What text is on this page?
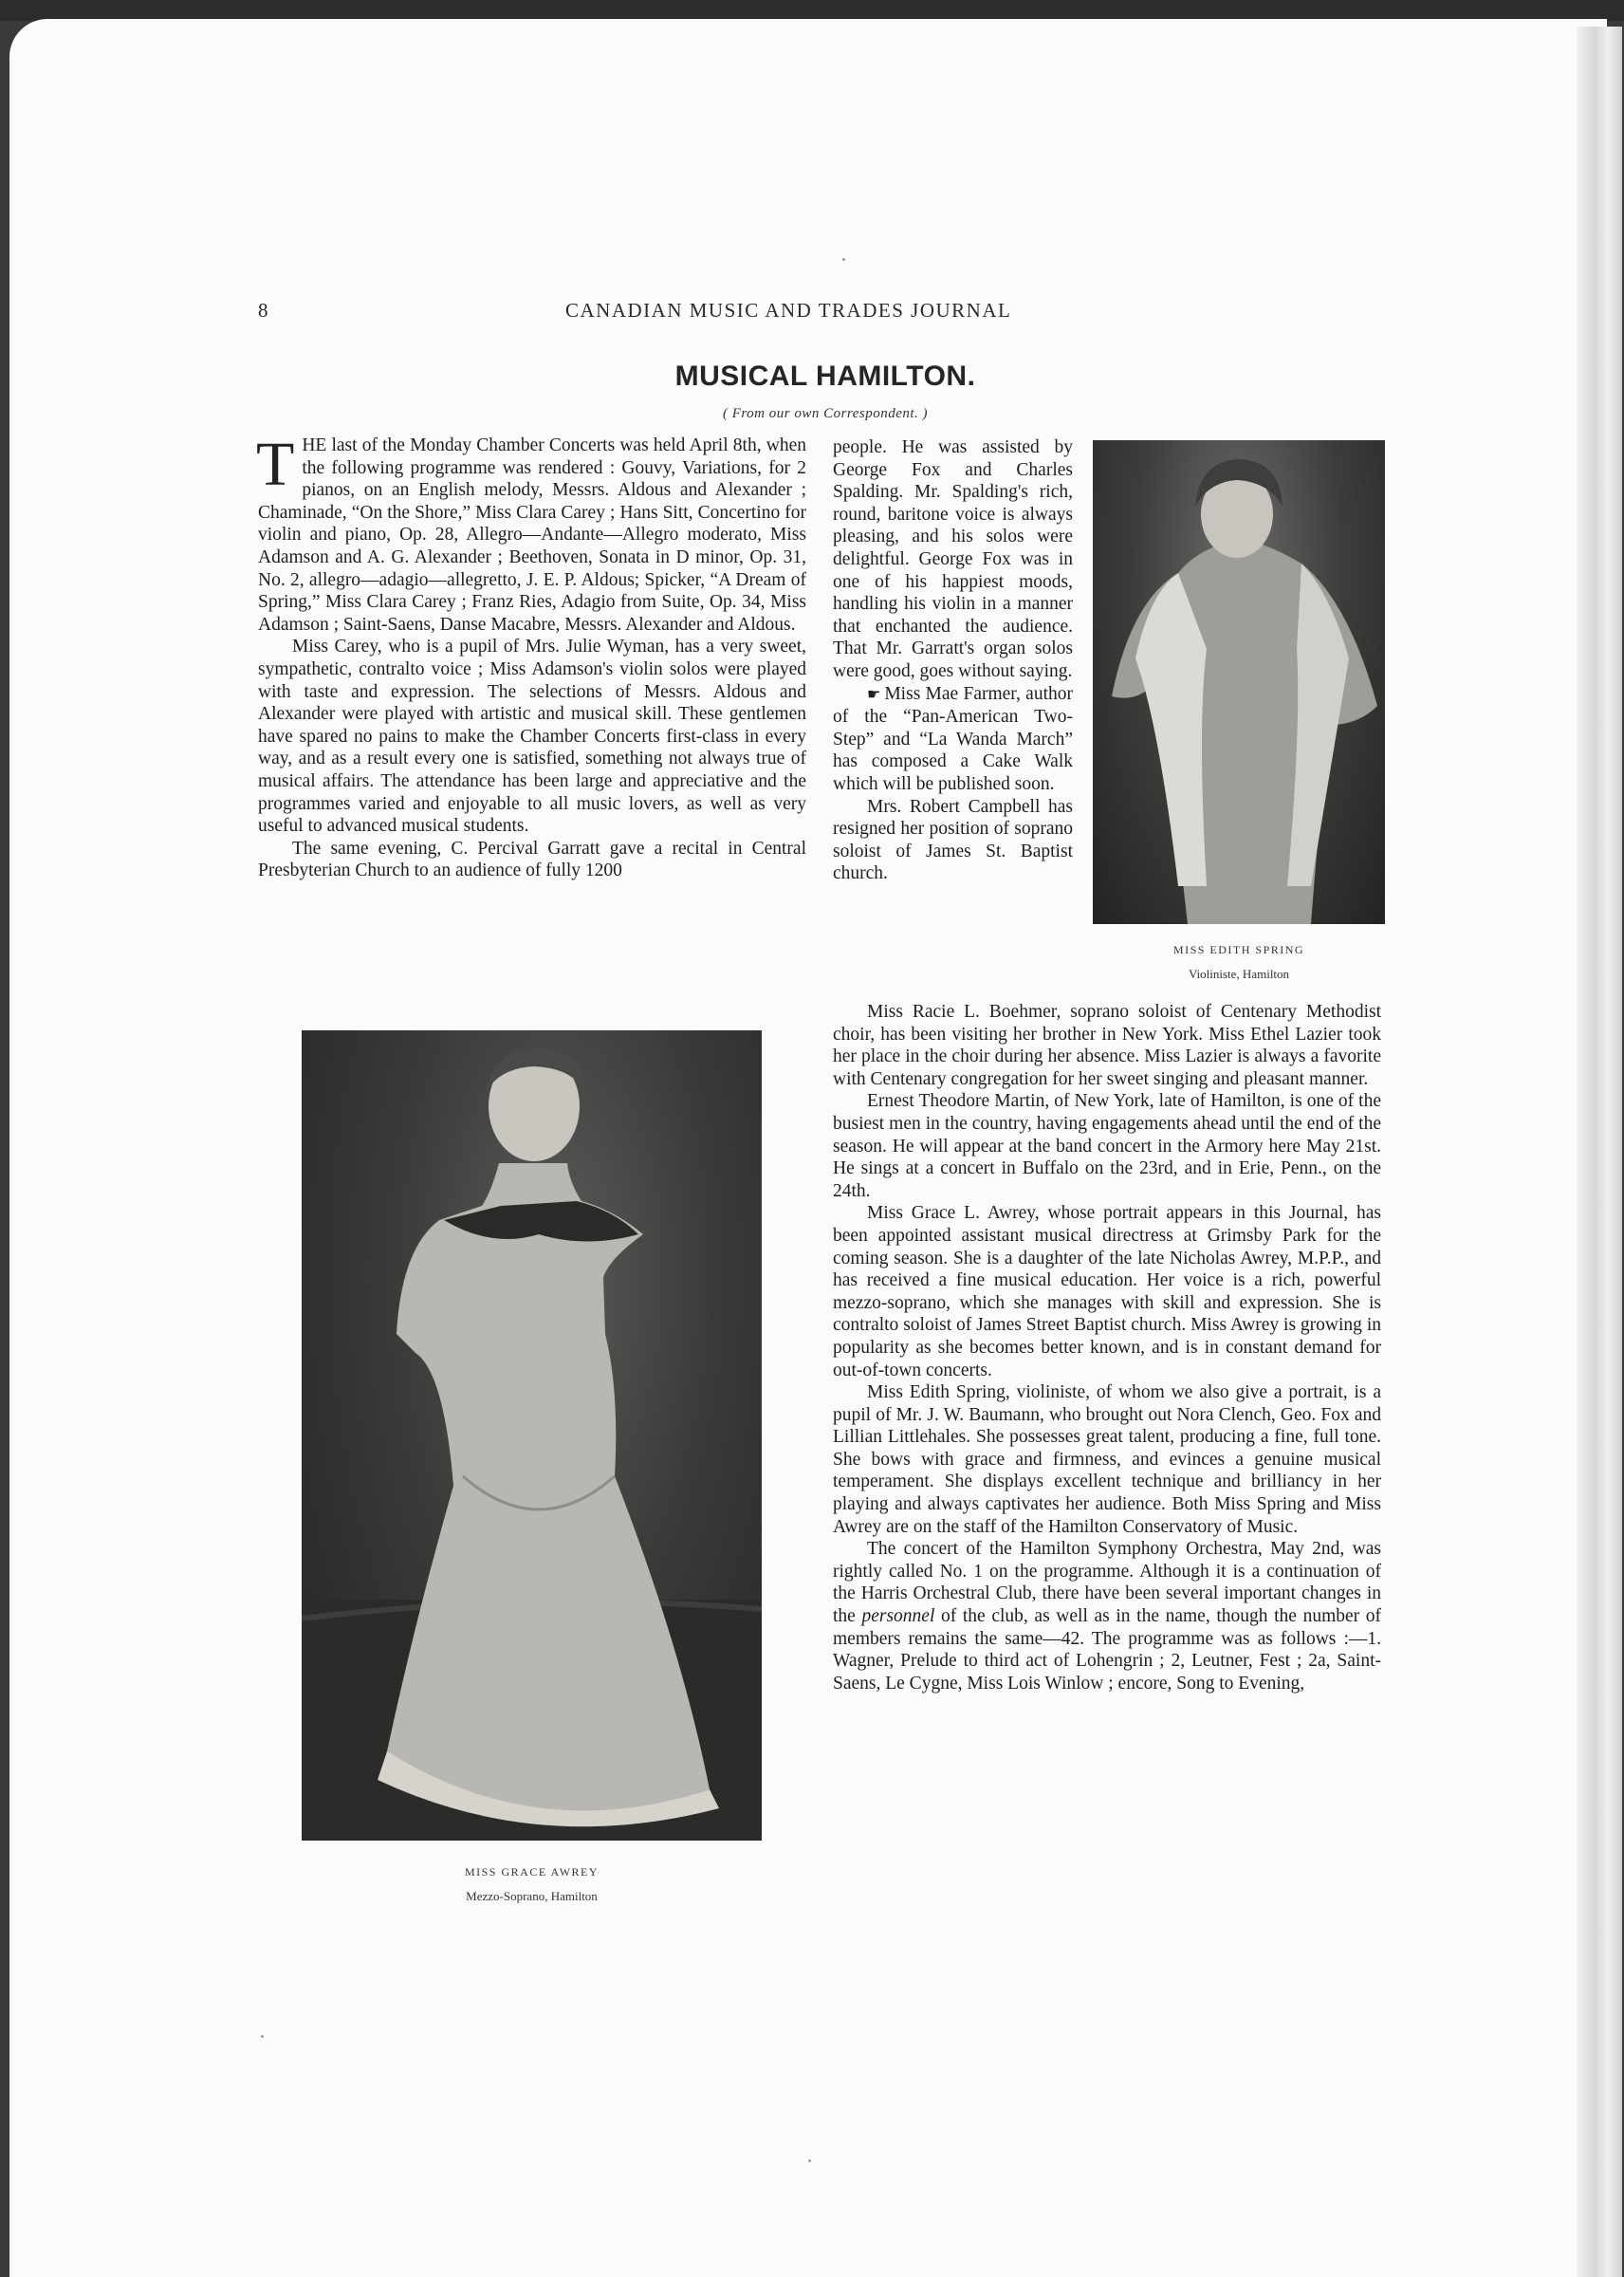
8	CANADIAN MUSIC AND TRADES JOURNAL
MUSICAL HAMILTON.
( From our own Correspondent. )

THE last of the Monday Chamber Concerts was held April 8th, when the following programme was rendered : Gouvy, Variations, for 2 pianos, on an English melody, Messrs. Aldous and Alexander ; Chaminade, “On the Shore,” Miss Clara Carey ; Hans Sitt, Concertino for violin and piano, Op. 28, Allegro—Andante—Allegro moderato, Miss Adamson and A. G. Alexander ; Beethoven, Sonata in D minor, Op. 31, No. 2, allegro—adagio—allegretto, J. E. P. Aldous; Spicker, “A Dream of Spring,” Miss Clara Carey ; Franz Ries, Adagio from Suite, Op. 34, Miss Adamson ; Saint-Saens, Danse Macabre, Messrs. Alexander and Aldous.

Miss Carey, who is a pupil of Mrs. Julie Wyman, has a very sweet, sympathetic, contralto voice ; Miss Adamson's violin solos were played with taste and expression. The selections of Messrs. Aldous and Alexander were played with artistic and musical skill. These gentlemen have spared no pains to make the Chamber Concerts first-class in every way, and as a result every one is satisfied, something not always true of musical affairs. The attendance has been large and appreciative and the programmes varied and enjoyable to all music lovers, as well as very useful to advanced musical students.

The same evening, C. Percival Garratt gave a recital in Central Presbyterian Church to an audience of fully 1200

people. He was assisted by George Fox and Charles Spalding. Mr. Spalding's rich, round, baritone voice is always pleasing, and his solos were delightful. George Fox was in one of his happiest moods, handling his violin in a manner that enchanted the audience. That Mr. Garratt's organ solos were good, goes without saying.

☛ Miss Mae Farmer, author of the “Pan-American Two-Step” and “La Wanda March” has composed a Cake Walk which will be published soon.

Mrs. Robert Campbell has resigned her position of soprano soloist of James St. Baptist church.

Miss Racie L. Boehmer, soprano soloist of Centenary Methodist choir, has been visiting her brother in New York. Miss Ethel Lazier took her place in the choir during her absence. Miss Lazier is always a favorite with Centenary congregation for her sweet singing and pleasant manner.

Ernest Theodore Martin, of New York, late of Hamilton, is one of the busiest men in the country, having engagements ahead until the end of the season. He will appear at the band concert in the Armory here May 21st. He sings at a concert in Buffalo on the 23rd, and in Erie, Penn., on the 24th.

Miss Grace L. Awrey, whose portrait appears in this Journal, has been appointed assistant musical directress at Grimsby Park for the coming season. She is a daughter of the late Nicholas Awrey, M.P.P., and has received a fine musical education. Her voice is a rich, powerful mezzo-soprano, which she manages with skill and expression. She is contralto soloist of James Street Baptist church. Miss Awrey is growing in popularity as she becomes better known, and is in constant demand for out-of-town concerts.

Miss Edith Spring, violiniste, of whom we also give a portrait, is a pupil of Mr. J. W. Baumann, who brought out Nora Clench, Geo. Fox and Lillian Littlehales. She possesses great talent, producing a fine, full tone. She bows with grace and firmness, and evinces a genuine musical temperament. She displays excellent technique and brilliancy in her playing and always captivates her audience. Both Miss Spring and Miss Awrey are on the staff of the Hamilton Conservatory of Music.

The concert of the Hamilton Symphony Orchestra, May 2nd, was rightly called No. 1 on the programme. Although it is a continuation of the Harris Orchestral Club, there have been several important changes in the personnel of the club, as well as in the name, though the number of members remains the same—42. The programme was as follows :—1. Wagner, Prelude to third act of Lohengrin ; 2, Leutner, Fest ; 2a, Saint-Saens, Le Cygne, Miss Lois Winlow ; encore, Song to Evening,

MISS GRACE AWREY
Mezzo-Soprano, Hamilton
MISS EDITH SPRING
Violiniste, Hamilton
